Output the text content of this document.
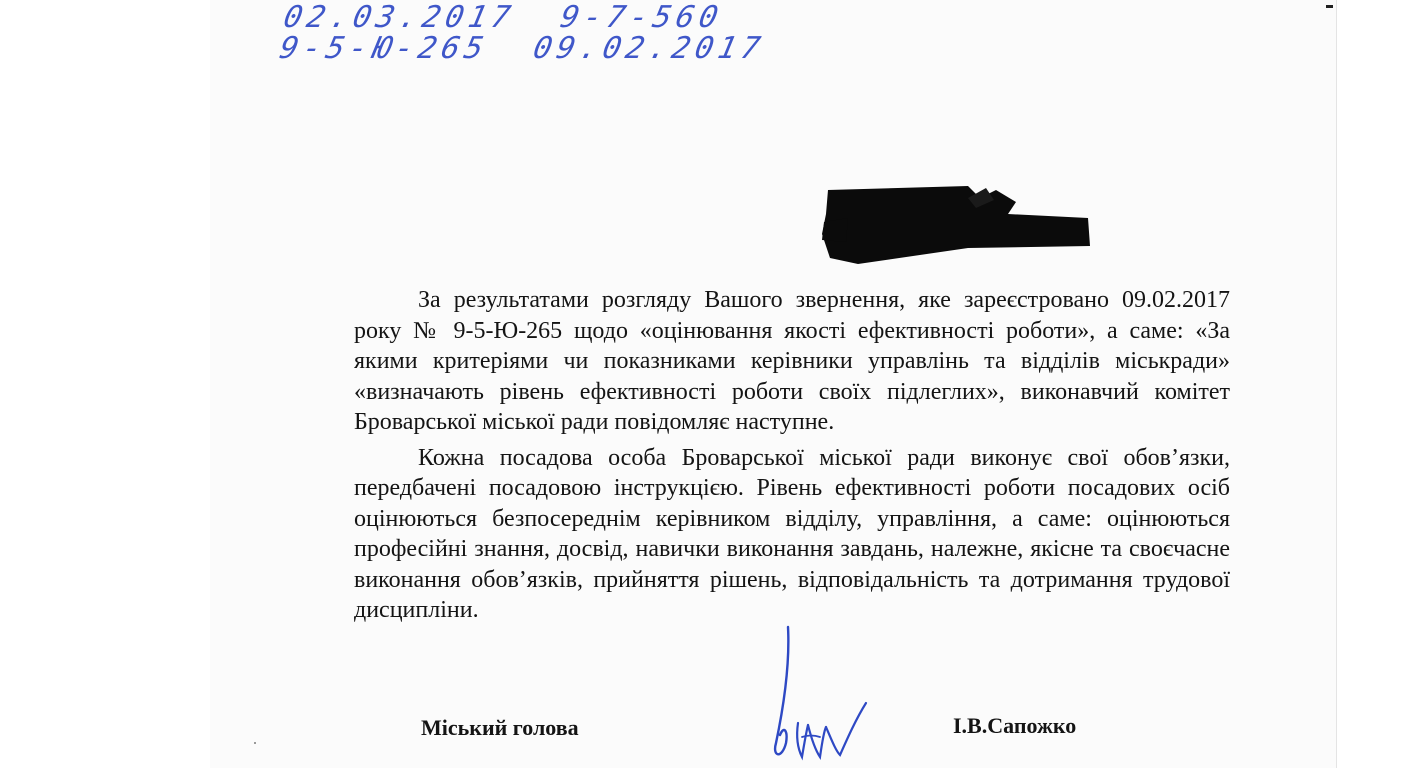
02.03.2017  9-7-560
9-5-Ю-265  09.02.2017

За результатами розгляду Вашого звернення, яке зареєстровано 09.02.2017 року № 9-5-Ю-265 щодо «оцінювання якості ефективності роботи», а саме: «За якими критеріями чи показниками керівники управлінь та відділів міськради» «визначають рівень ефективності роботи своїх підлеглих», виконавчий комітет Броварської міської ради повідомляє наступне.

Кожна посадова особа Броварської міської ради виконує свої обов’язки, передбачені посадовою інструкцією. Рівень ефективності роботи посадових осіб оцінюються безпосереднім керівником відділу, управління, а саме: оцінюються професійні знання, досвід, навички виконання завдань, належне, якісне та своєчасне виконання обов’язків, прийняття рішень, відповідальність та дотримання трудової дисципліни.

Міський голова	І.В.Сапожко
